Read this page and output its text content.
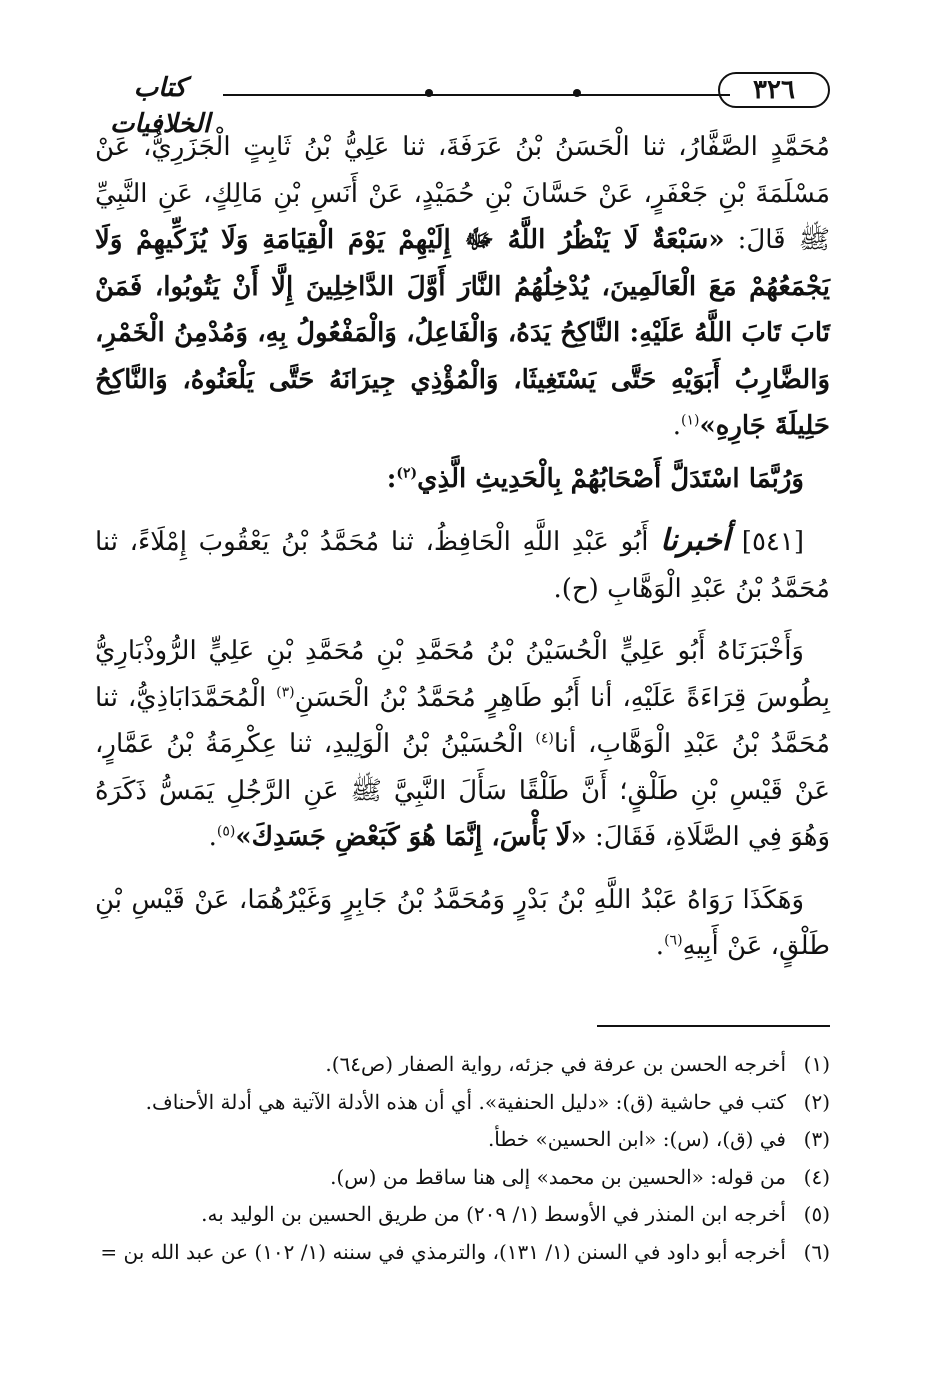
٣٢٦
كتاب الخلافيات

مُحَمَّدٍ الصَّفَّارُ، ثنا الْحَسَنُ بْنُ عَرَفَةَ، ثنا عَلِيُّ بْنُ ثَابِتٍ الْجَزَرِيُّ، عَنْ مَسْلَمَةَ بْنِ جَعْفَرٍ، عَنْ حَسَّانَ بْنِ حُمَيْدٍ، عَنْ أَنَسِ بْنِ مَالِكٍ، عَنِ النَّبِيِّ ﷺ قَالَ: «سَبْعَةٌ لَا يَنْظُرُ اللَّهُ ﷻ إِلَيْهِمْ يَوْمَ الْقِيَامَةِ وَلَا يُزَكِّيهِمْ وَلَا يَجْمَعُهُمْ مَعَ الْعَالَمِينَ، يُدْخِلُهُمُ النَّارَ أَوَّلَ الدَّاخِلِينَ إِلَّا أَنْ يَتُوبُوا، فَمَنْ تَابَ تَابَ اللَّهُ عَلَيْهِ: النَّاكِحُ يَدَهُ، وَالْفَاعِلُ، وَالْمَفْعُولُ بِهِ، وَمُدْمِنُ الْخَمْرِ، وَالضَّارِبُ أَبَوَيْهِ حَتَّى يَسْتَغِيثَا، وَالْمُؤْذِي جِيرَانَهُ حَتَّى يَلْعَنُوهُ، وَالنَّاكِحُ حَلِيلَةَ جَارِهِ»$^{(١)}$.

وَرُبَّمَا اسْتَدَلَّ أَصْحَابُهُمْ بِالْحَدِيثِ الَّذِي$^{(٢)}$:

[٥٤١] أخبرنا أَبُو عَبْدِ اللَّهِ الْحَافِظُ، ثنا مُحَمَّدُ بْنُ يَعْقُوبَ إِمْلَاءً، ثنا مُحَمَّدُ بْنُ عَبْدِ الْوَهَّابِ (ح).

وَأَخْبَرَنَاهُ أَبُو عَلِيٍّ الْحُسَيْنُ بْنُ مُحَمَّدِ بْنِ مُحَمَّدِ بْنِ عَلِيٍّ الرُّوذْبَارِيُّ بِطُوسَ قِرَاءَةً عَلَيْهِ، أنا أَبُو طَاهِرٍ مُحَمَّدُ بْنُ الْحَسَنِ$^{(٣)}$ الْمُحَمَّدَابَاذِيُّ، ثنا مُحَمَّدُ بْنُ عَبْدِ الْوَهَّابِ، أنا$^{(٤)}$ الْحُسَيْنُ بْنُ الْوَلِيدِ، ثنا عِكْرِمَةُ بْنُ عَمَّارٍ، عَنْ قَيْسِ بْنِ طَلْقٍ؛ أَنَّ طَلْقًا سَأَلَ النَّبِيَّ ﷺ عَنِ الرَّجُلِ يَمَسُّ ذَكَرَهُ وَهُوَ فِي الصَّلَاةِ، فَقَالَ: «لَا بَأْسَ، إِنَّمَا هُوَ كَبَعْضِ جَسَدِكَ»$^{(٥)}$.

وَهَكَذَا رَوَاهُ عَبْدُ اللَّهِ بْنُ بَدْرٍ وَمُحَمَّدُ بْنُ جَابِرٍ وَغَيْرُهُمَا، عَنْ قَيْسِ بْنِ طَلْقٍ، عَنْ أَبِيهِ$^{(٦)}$.

(١)
أخرجه الحسن بن عرفة في جزئه، رواية الصفار (ص٦٤).
(٢)
كتب في حاشية (ق): «دليل الحنفية». أي أن هذه الأدلة الآتية هي أدلة الأحناف.
(٣)
في (ق)، (س): «ابن الحسين» خطأ.
(٤)
من قوله: «الحسين بن محمد» إلى هنا ساقط من (س).
(٥)
أخرجه ابن المنذر في الأوسط (١/ ٢٠٩) من طريق الحسين بن الوليد به.
(٦)
أخرجه أبو داود في السنن (١/ ١٣١)، والترمذي في سننه (١/ ١٠٢) عن عبد الله بن =
